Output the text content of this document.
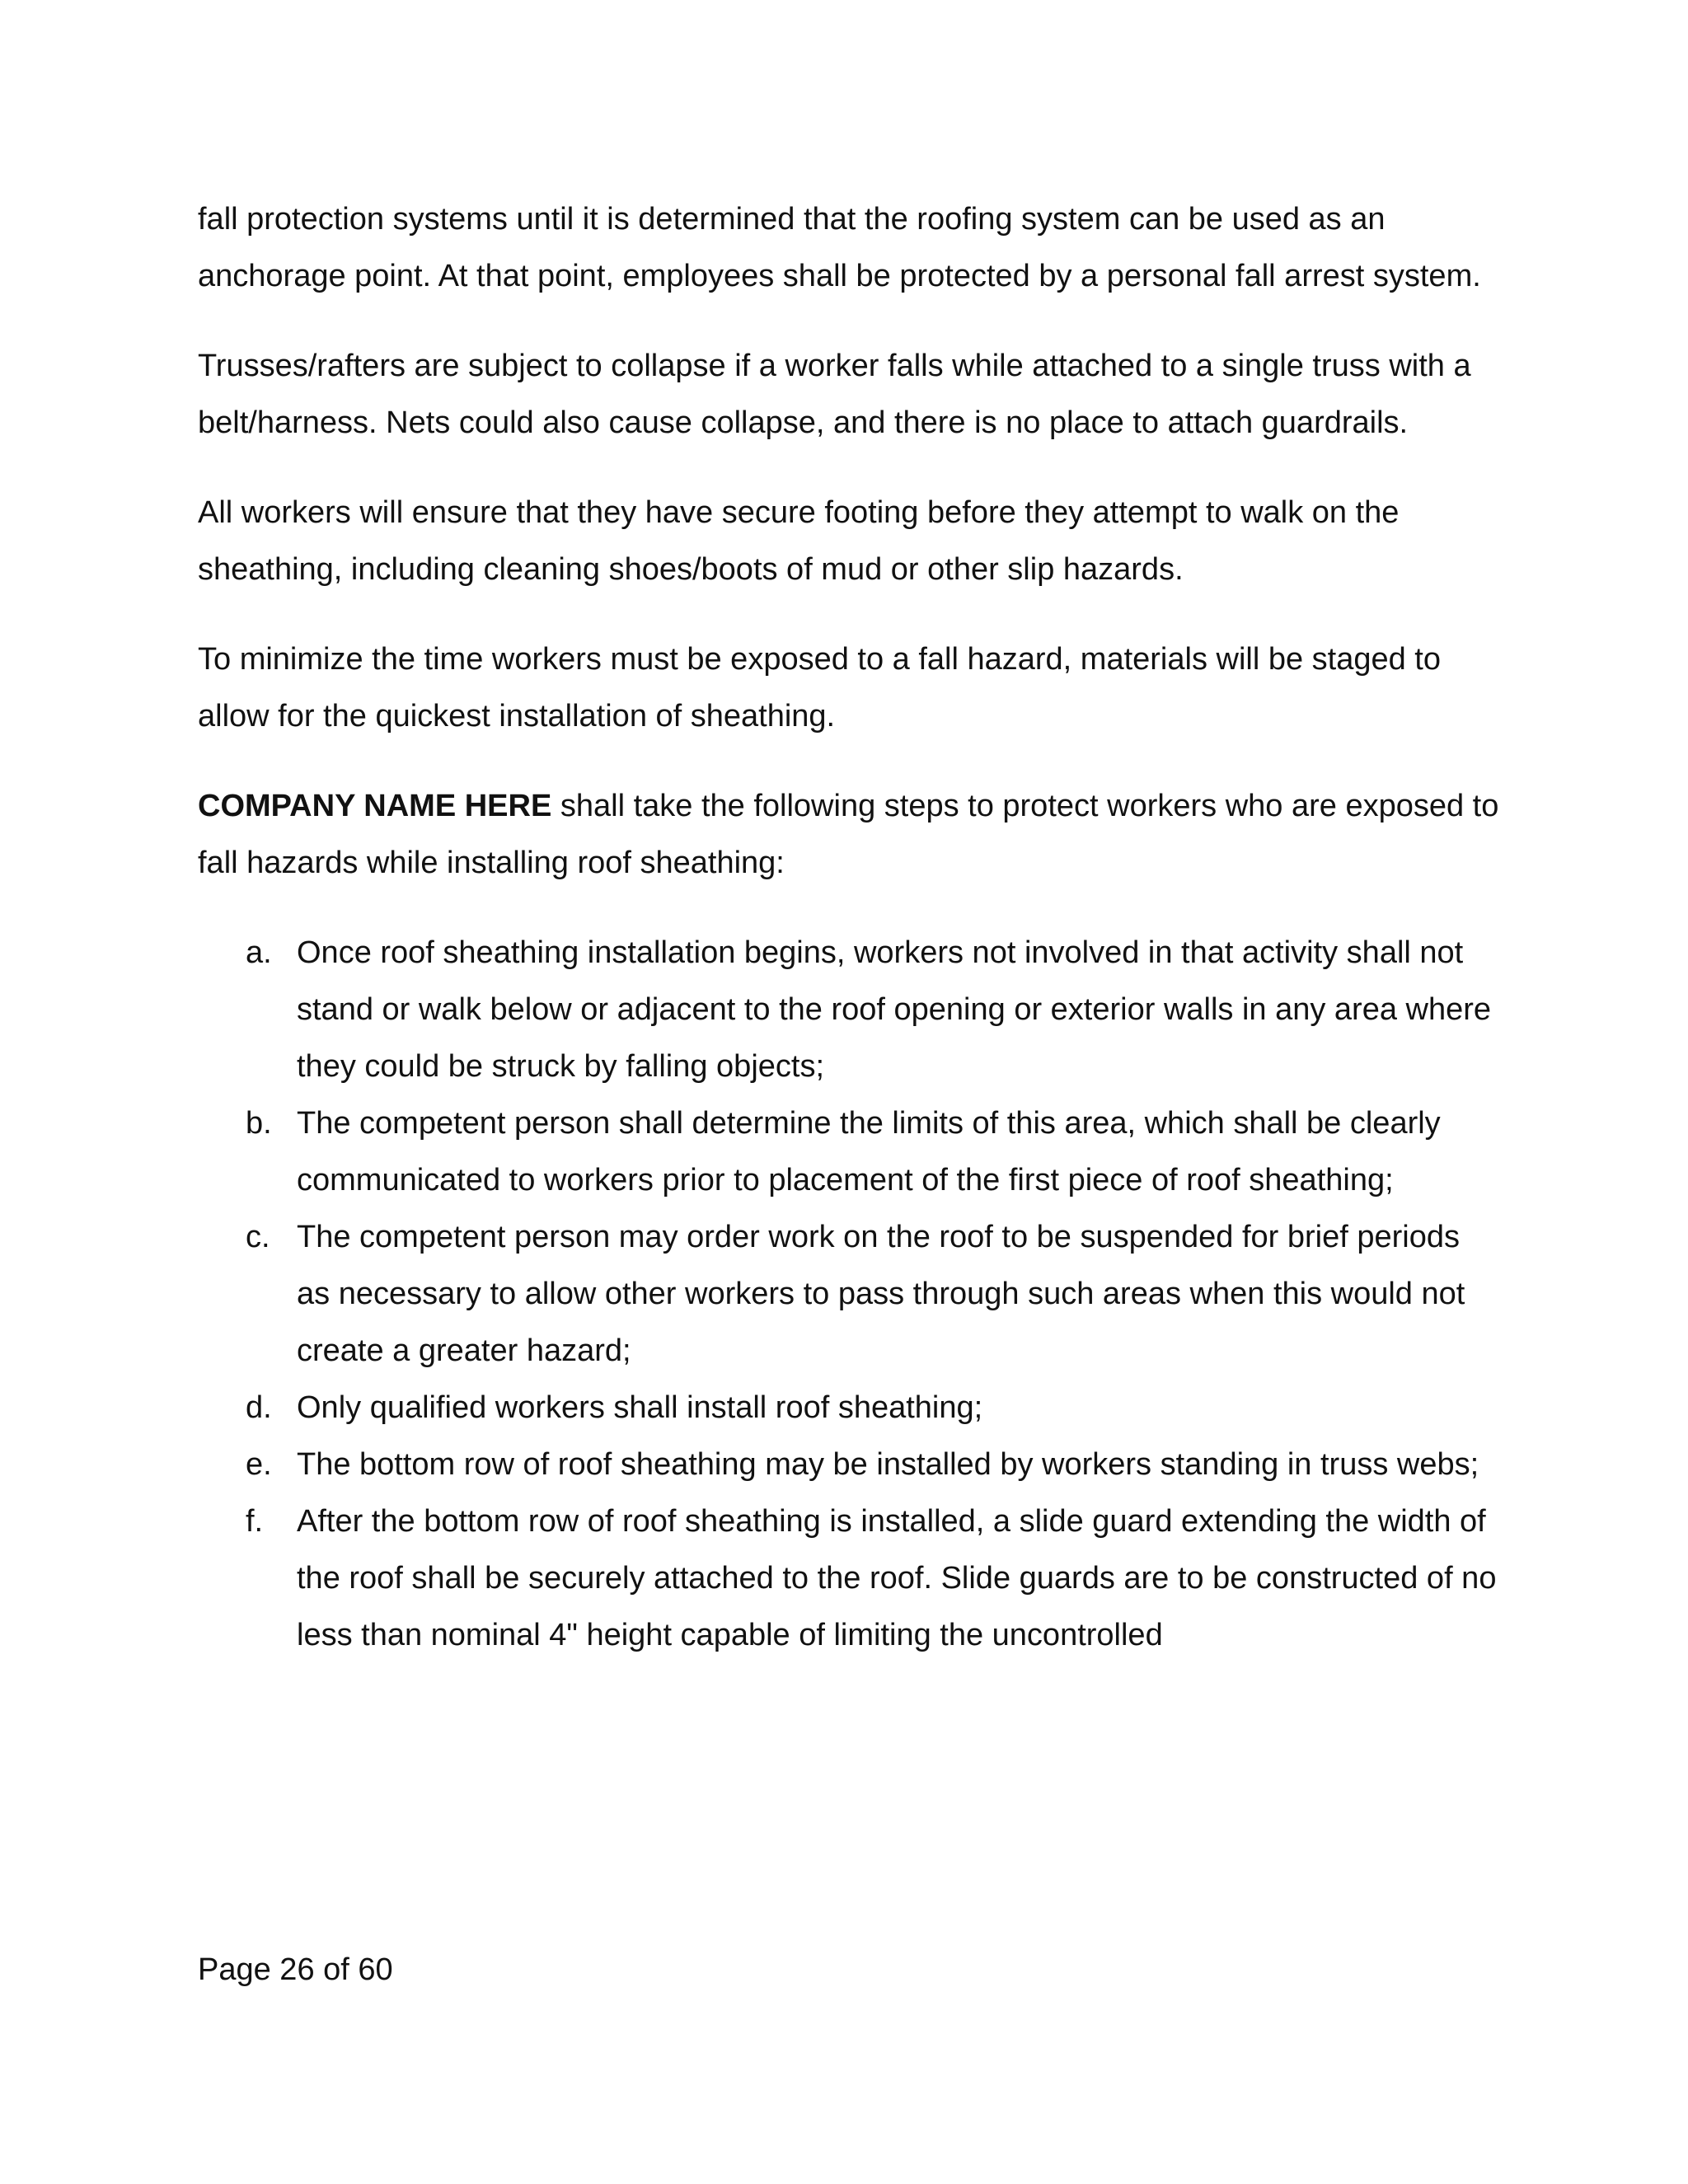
fall protection systems until it is determined that the roofing system can be used as an anchorage point. At that point, employees shall be protected by a personal fall arrest system.

Trusses/rafters are subject to collapse if a worker falls while attached to a single truss with a belt/harness. Nets could also cause collapse, and there is no place to attach guardrails.

All workers will ensure that they have secure footing before they attempt to walk on the sheathing, including cleaning shoes/boots of mud or other slip hazards.

To minimize the time workers must be exposed to a fall hazard, materials will be staged to allow for the quickest installation of sheathing.

COMPANY NAME HERE shall take the following steps to protect workers who are exposed to fall hazards while installing roof sheathing:

a. Once roof sheathing installation begins, workers not involved in that activity shall not stand or walk below or adjacent to the roof opening or exterior walls in any area where they could be struck by falling objects;
b. The competent person shall determine the limits of this area, which shall be clearly communicated to workers prior to placement of the first piece of roof sheathing;
c. The competent person may order work on the roof to be suspended for brief periods as necessary to allow other workers to pass through such areas when this would not create a greater hazard;
d. Only qualified workers shall install roof sheathing;
e. The bottom row of roof sheathing may be installed by workers standing in truss webs;
f. After the bottom row of roof sheathing is installed, a slide guard extending the width of the roof shall be securely attached to the roof. Slide guards are to be constructed of no less than nominal 4" height capable of limiting the uncontrolled
Page 26 of 60
